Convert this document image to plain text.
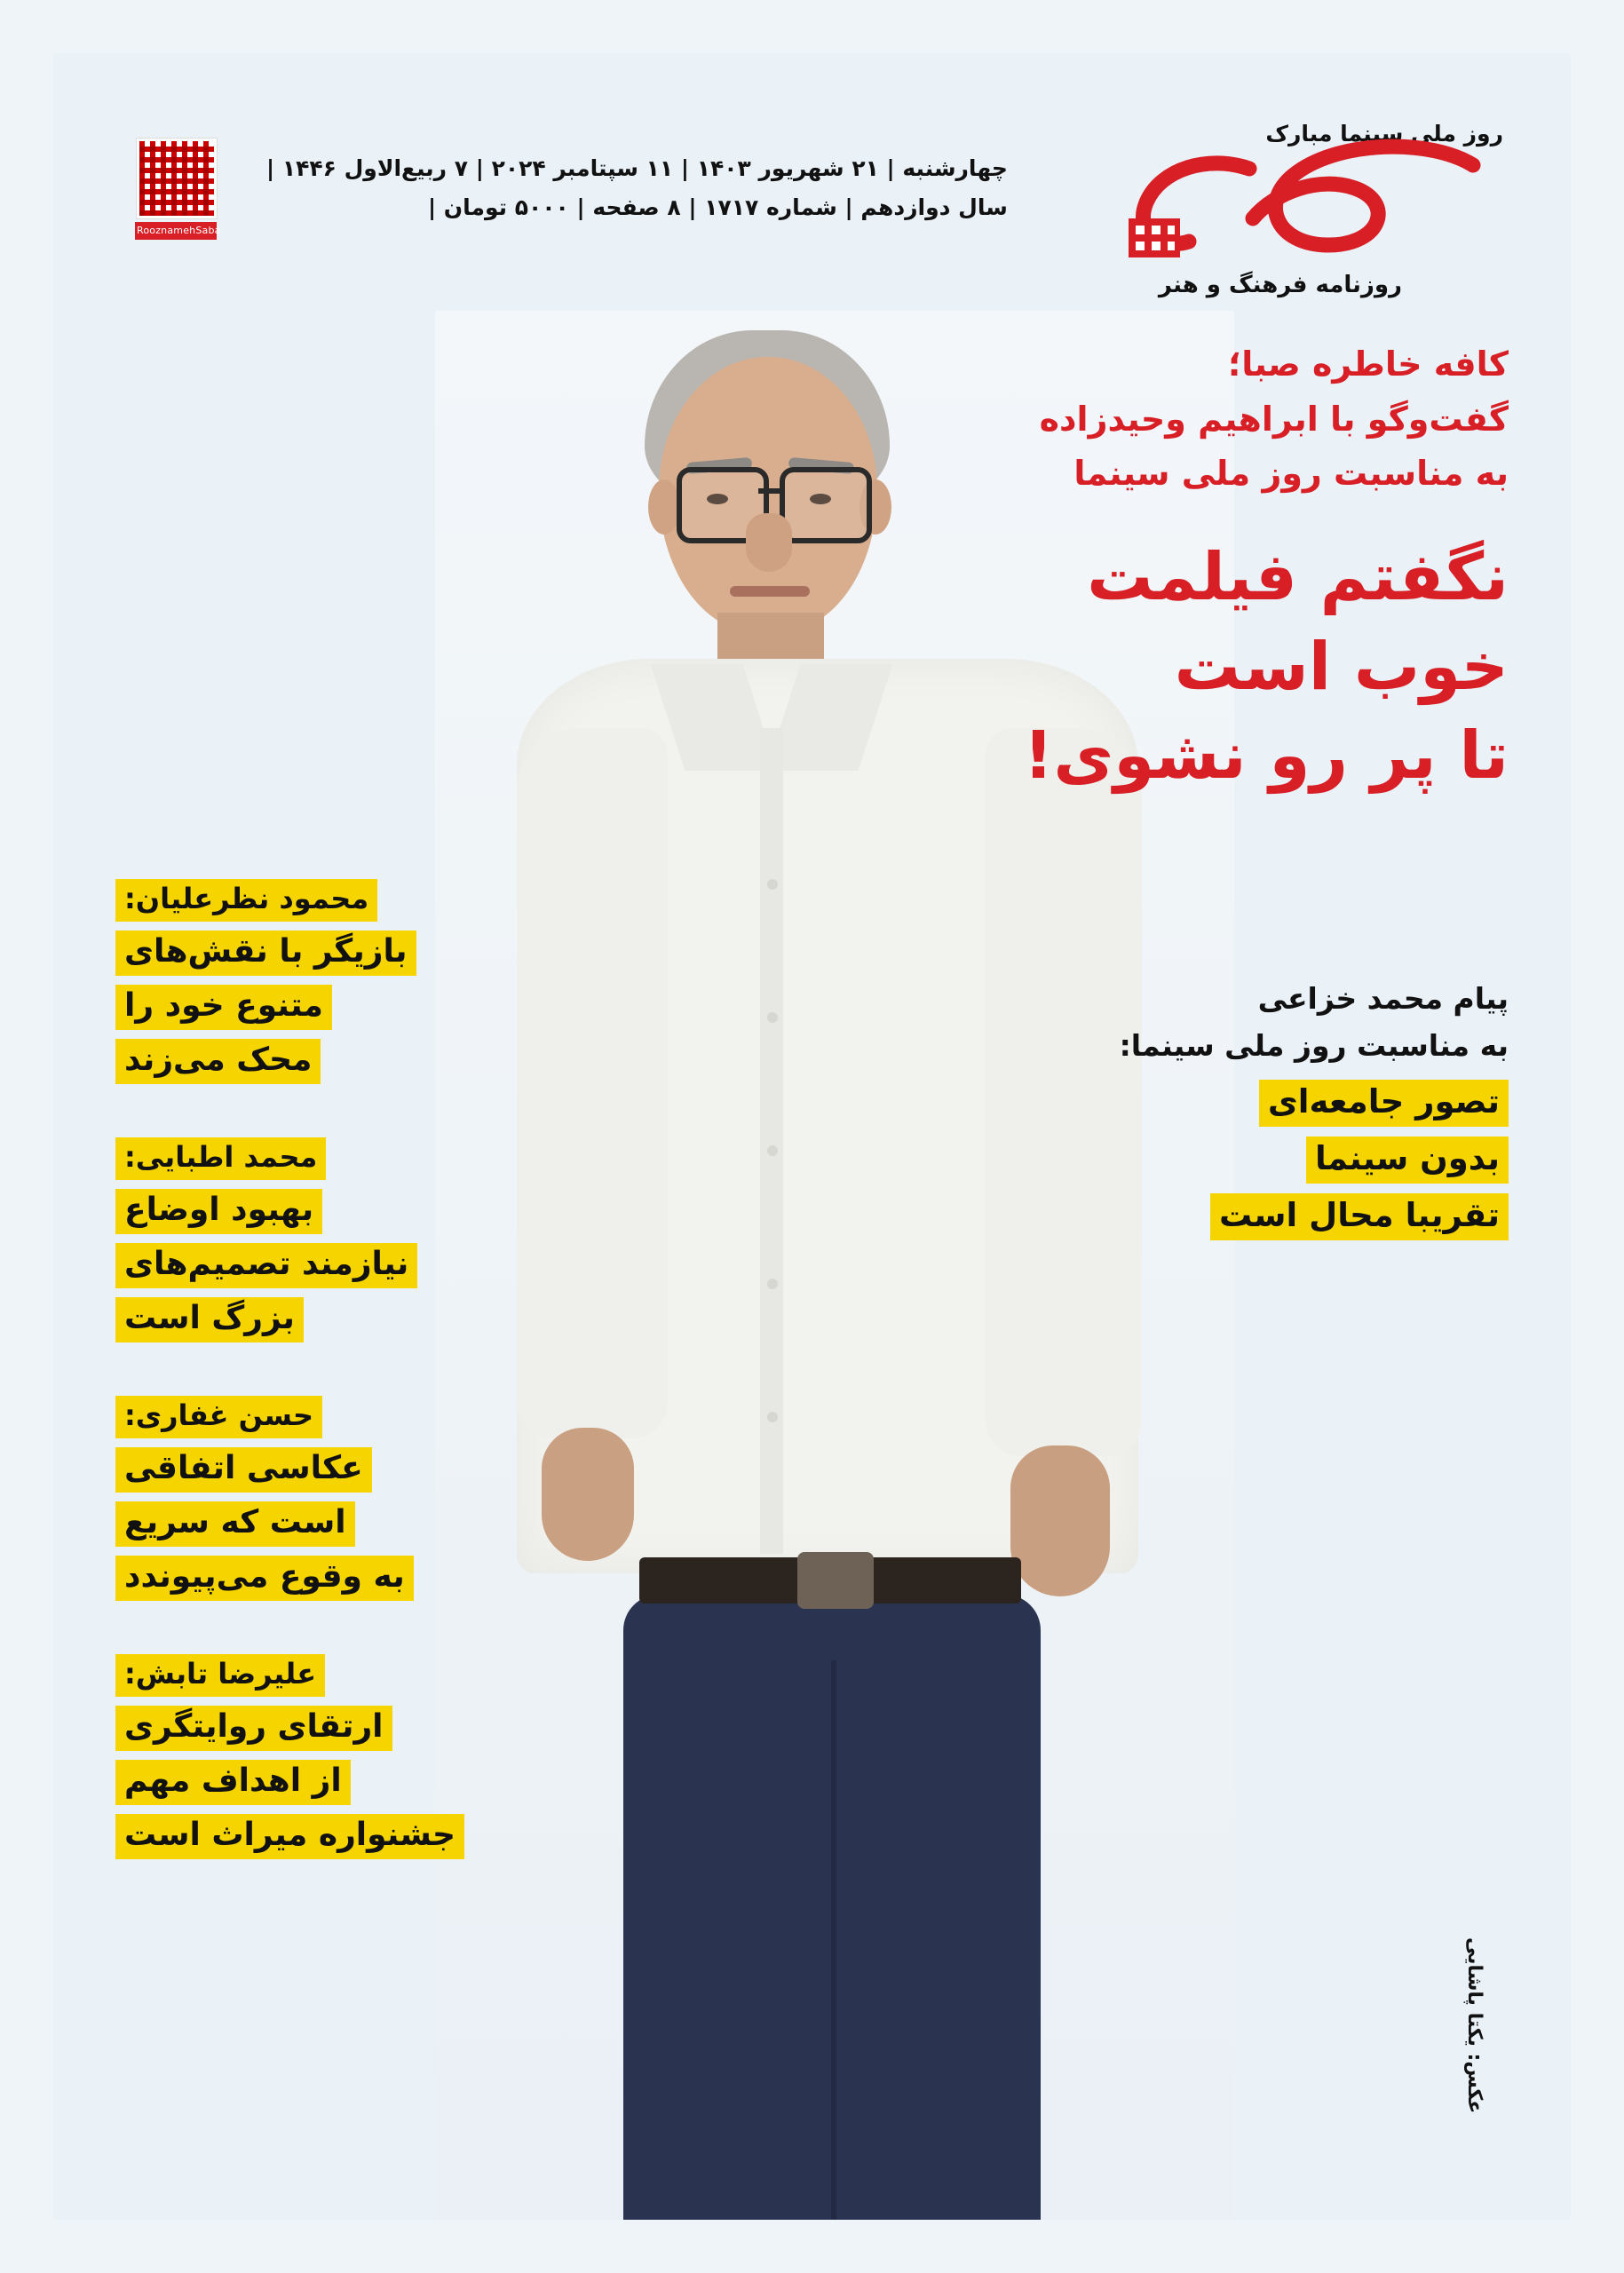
روز ملی سینما مبارک
روزنامه فرهنگ و هنر
چهارشنبه | ۲۱ شهریور ۱۴۰۳ | ۱۱ سپتامبر ۲۰۲۴ | ۷ ربیع‌الاول ۱۴۴۶ |
سال دوازدهم | شماره ۱۷۱۷ | ۸ صفحه | ۵۰۰۰ تومان |
RooznamehSaba
کافه خاطره صبا؛
گفت‌وگو با ابراهیم وحیدزاده
به مناسبت روز ملی سینما
نگفتم فیلمت
خوب است
تا پر رو نشوی!
پیام محمد خزاعی
به مناسبت روز ملی سینما:
تصور جامعه‌ای
بدون سینما
تقریبا محال است
محمود نظرعلیان:
بازیگر با نقش‌های
متنوع خود را
محک می‌زند
محمد اطبایی:
بهبود اوضاع
نیازمند تصمیم‌های
بزرگ است
حسن غفاری:
عکاسی اتفاقی
است که سریع
به وقوع می‌پیوندد
علیرضا تابش:
ارتقای روایتگری
از اهداف مهم
جشنواره میراث است
عکس: یکتا پاشایی
